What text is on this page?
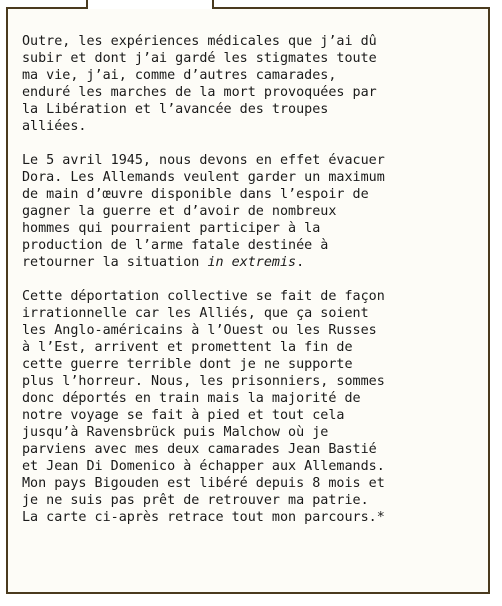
Outre, les expériences médicales que j’ai dû
subir et dont j’ai gardé les stigmates toute
ma vie, j’ai, comme d’autres camarades,
enduré les marches de la mort provoquées par
la Libération et l’avancée des troupes
alliées.

Le 5 avril 1945, nous devons en effet évacuer
Dora. Les Allemands veulent garder un maximum
de main d’œuvre disponible dans l’espoir de
gagner la guerre et d’avoir de nombreux
hommes qui pourraient participer à la
production de l’arme fatale destinée à
retourner la situation in extremis.

Cette déportation collective se fait de façon
irrationnelle car les Alliés, que ça soient
les Anglo-américains à l’Ouest ou les Russes
à l’Est, arrivent et promettent la fin de
cette guerre terrible dont je ne supporte
plus l’horreur. Nous, les prisonniers, sommes
donc déportés en train mais la majorité de
notre voyage se fait à pied et tout cela
jusqu’à Ravensbrück puis Malchow où je
parviens avec mes deux camarades Jean Bastié
et Jean Di Domenico à échapper aux Allemands.
Mon pays Bigouden est libéré depuis 8 mois et
je ne suis pas prêt de retrouver ma patrie.
La carte ci-après retrace tout mon parcours.*
